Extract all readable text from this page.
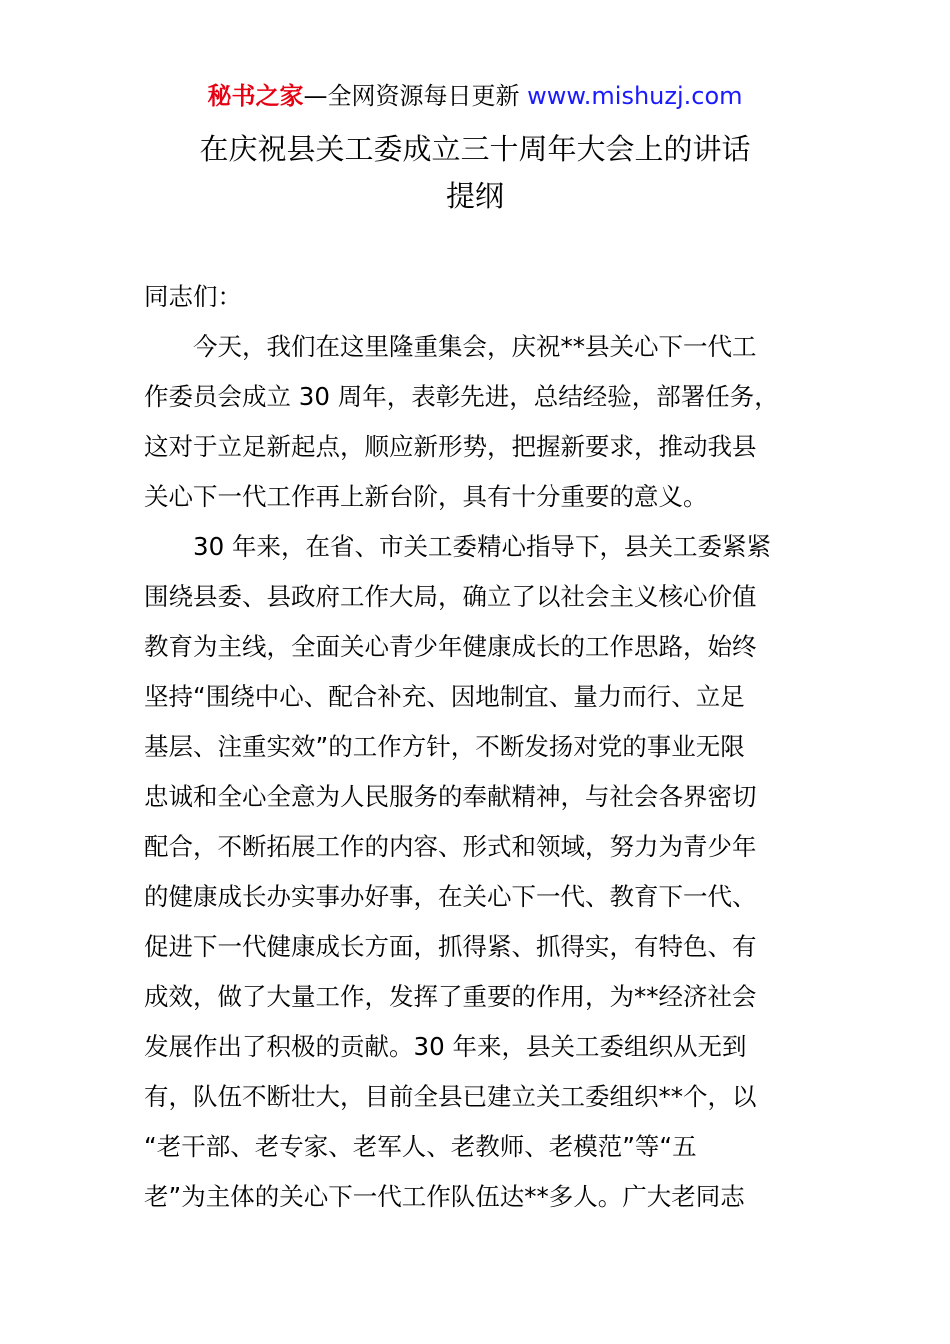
秘书之家—全网资源每日更新 www.mishuzj.com
在庆祝县关工委成立三十周年大会上的讲话
提纲
同志们：
今天，我们在这里隆重集会，庆祝**县关心下一代工
作委员会成立 30 周年，表彰先进，总结经验，部署任务，
这对于立足新起点，顺应新形势，把握新要求，推动我县
关心下一代工作再上新台阶，具有十分重要的意义。
30 年来，在省、市关工委精心指导下，县关工委紧紧
围绕县委、县政府工作大局，确立了以社会主义核心价值
教育为主线，全面关心青少年健康成长的工作思路，始终
坚持“围绕中心、配合补充、因地制宜、量力而行、立足
基层、注重实效”的工作方针，不断发扬对党的事业无限
忠诚和全心全意为人民服务的奉献精神，与社会各界密切
配合，不断拓展工作的内容、形式和领域，努力为青少年
的健康成长办实事办好事，在关心下一代、教育下一代、
促进下一代健康成长方面，抓得紧、抓得实，有特色、有
成效，做了大量工作，发挥了重要的作用，为**经济社会
发展作出了积极的贡献。30 年来，县关工委组织从无到
有，队伍不断壮大，目前全县已建立关工委组织**个，以
“老干部、老专家、老军人、老教师、老模范”等“五
老”为主体的关心下一代工作队伍达**多人。广大老同志
